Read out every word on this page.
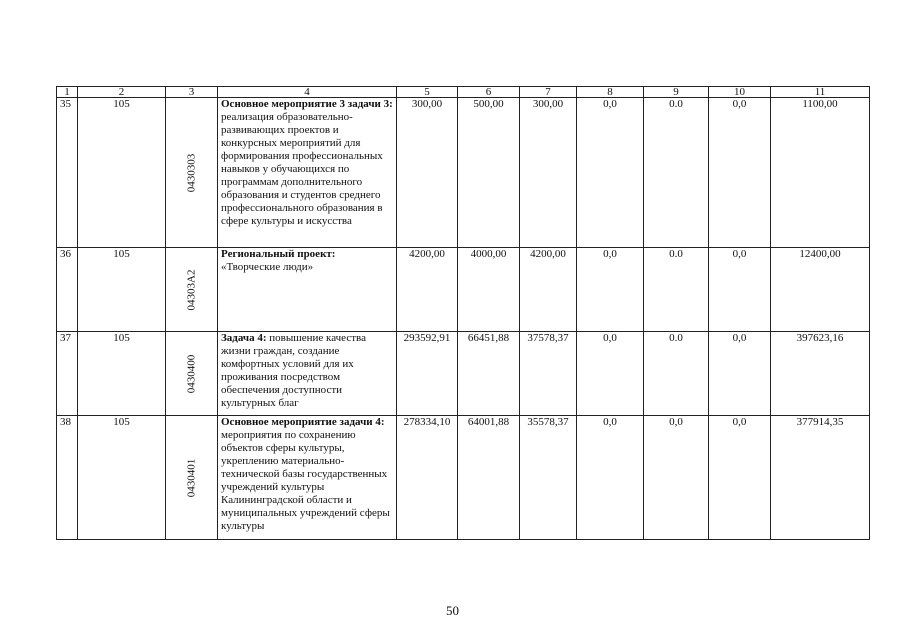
1	2	3	4	5	6	7	8	9	10	11
35	105	0430303	Основное мероприятие 3 задачи 3: реализация образовательно-развивающих проектов и конкурсных мероприятий для формирования профессиональных навыков у обучающихся по программам дополнительного образования и студентов среднего профессионального образования в сфере культуры и искусства	300,00	500,00	300,00	0,0	0.0	0,0	1100,00
36	105	04303A2	Региональный проект: «Творческие люди»	4200,00	4000,00	4200,00	0,0	0.0	0,0	12400,00
37	105	0430400	Задача 4: повышение качества жизни граждан, создание комфортных условий для их проживания посредством обеспечения доступности культурных благ	293592,91	66451,88	37578,37	0,0	0.0	0,0	397623,16
38	105	0430401	Основное мероприятие задачи 4: мероприятия по сохранению объектов сферы культуры, укреплению материально-технической базы государственных учреждений культуры Калининградской области и муниципальных учреждений сферы культуры	278334,10	64001,88	35578,37	0,0	0,0	0,0	377914,35
50
